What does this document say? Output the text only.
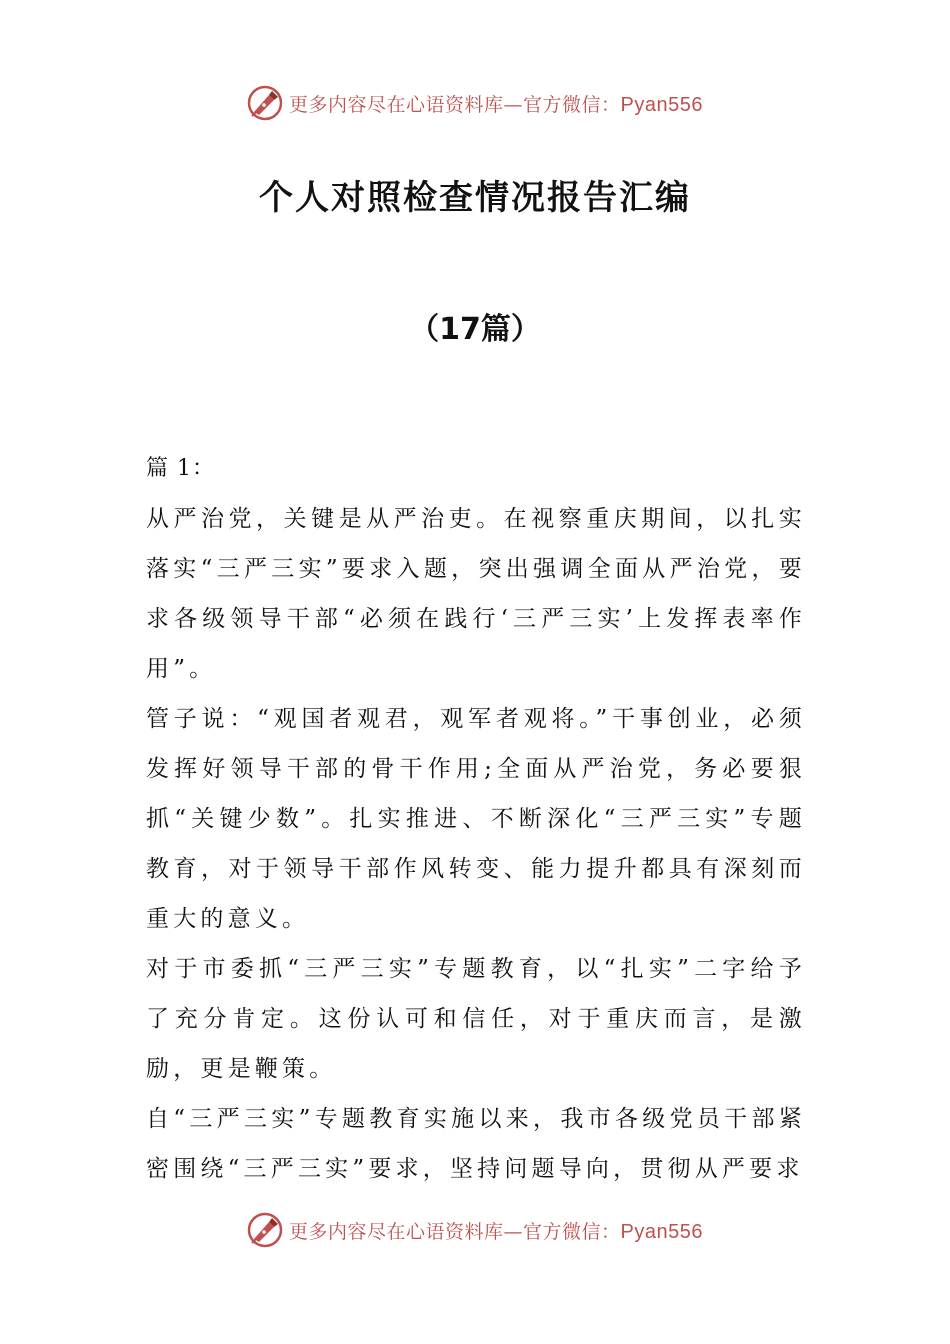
更多内容尽在心语资料库—官方微信：Pyan556
个人对照检查情况报告汇编
（17篇）

篇 1：

从严治党，关键是从严治吏。在视察重庆期间，以扎实落实“三严三实”要求入题，突出强调全面从严治党，要求各级领导干部“必须在践行‘三严三实’上发挥表率作用”。

管子说：“观国者观君，观军者观将。”干事创业，必须发挥好领导干部的骨干作用;全面从严治党，务必要狠抓“关键少数”。扎实推进、不断深化“三严三实”专题教育，对于领导干部作风转变、能力提升都具有深刻而重大的意义。

对于市委抓“三严三实”专题教育，以“扎实”二字给予了充分肯定。这份认可和信任，对于重庆而言，是激励，更是鞭策。

自“三严三实”专题教育实施以来，我市各级党员干部紧密围绕“三严三实”要求，坚持问题导向，贯彻从严要求

更多内容尽在心语资料库—官方微信：Pyan556
